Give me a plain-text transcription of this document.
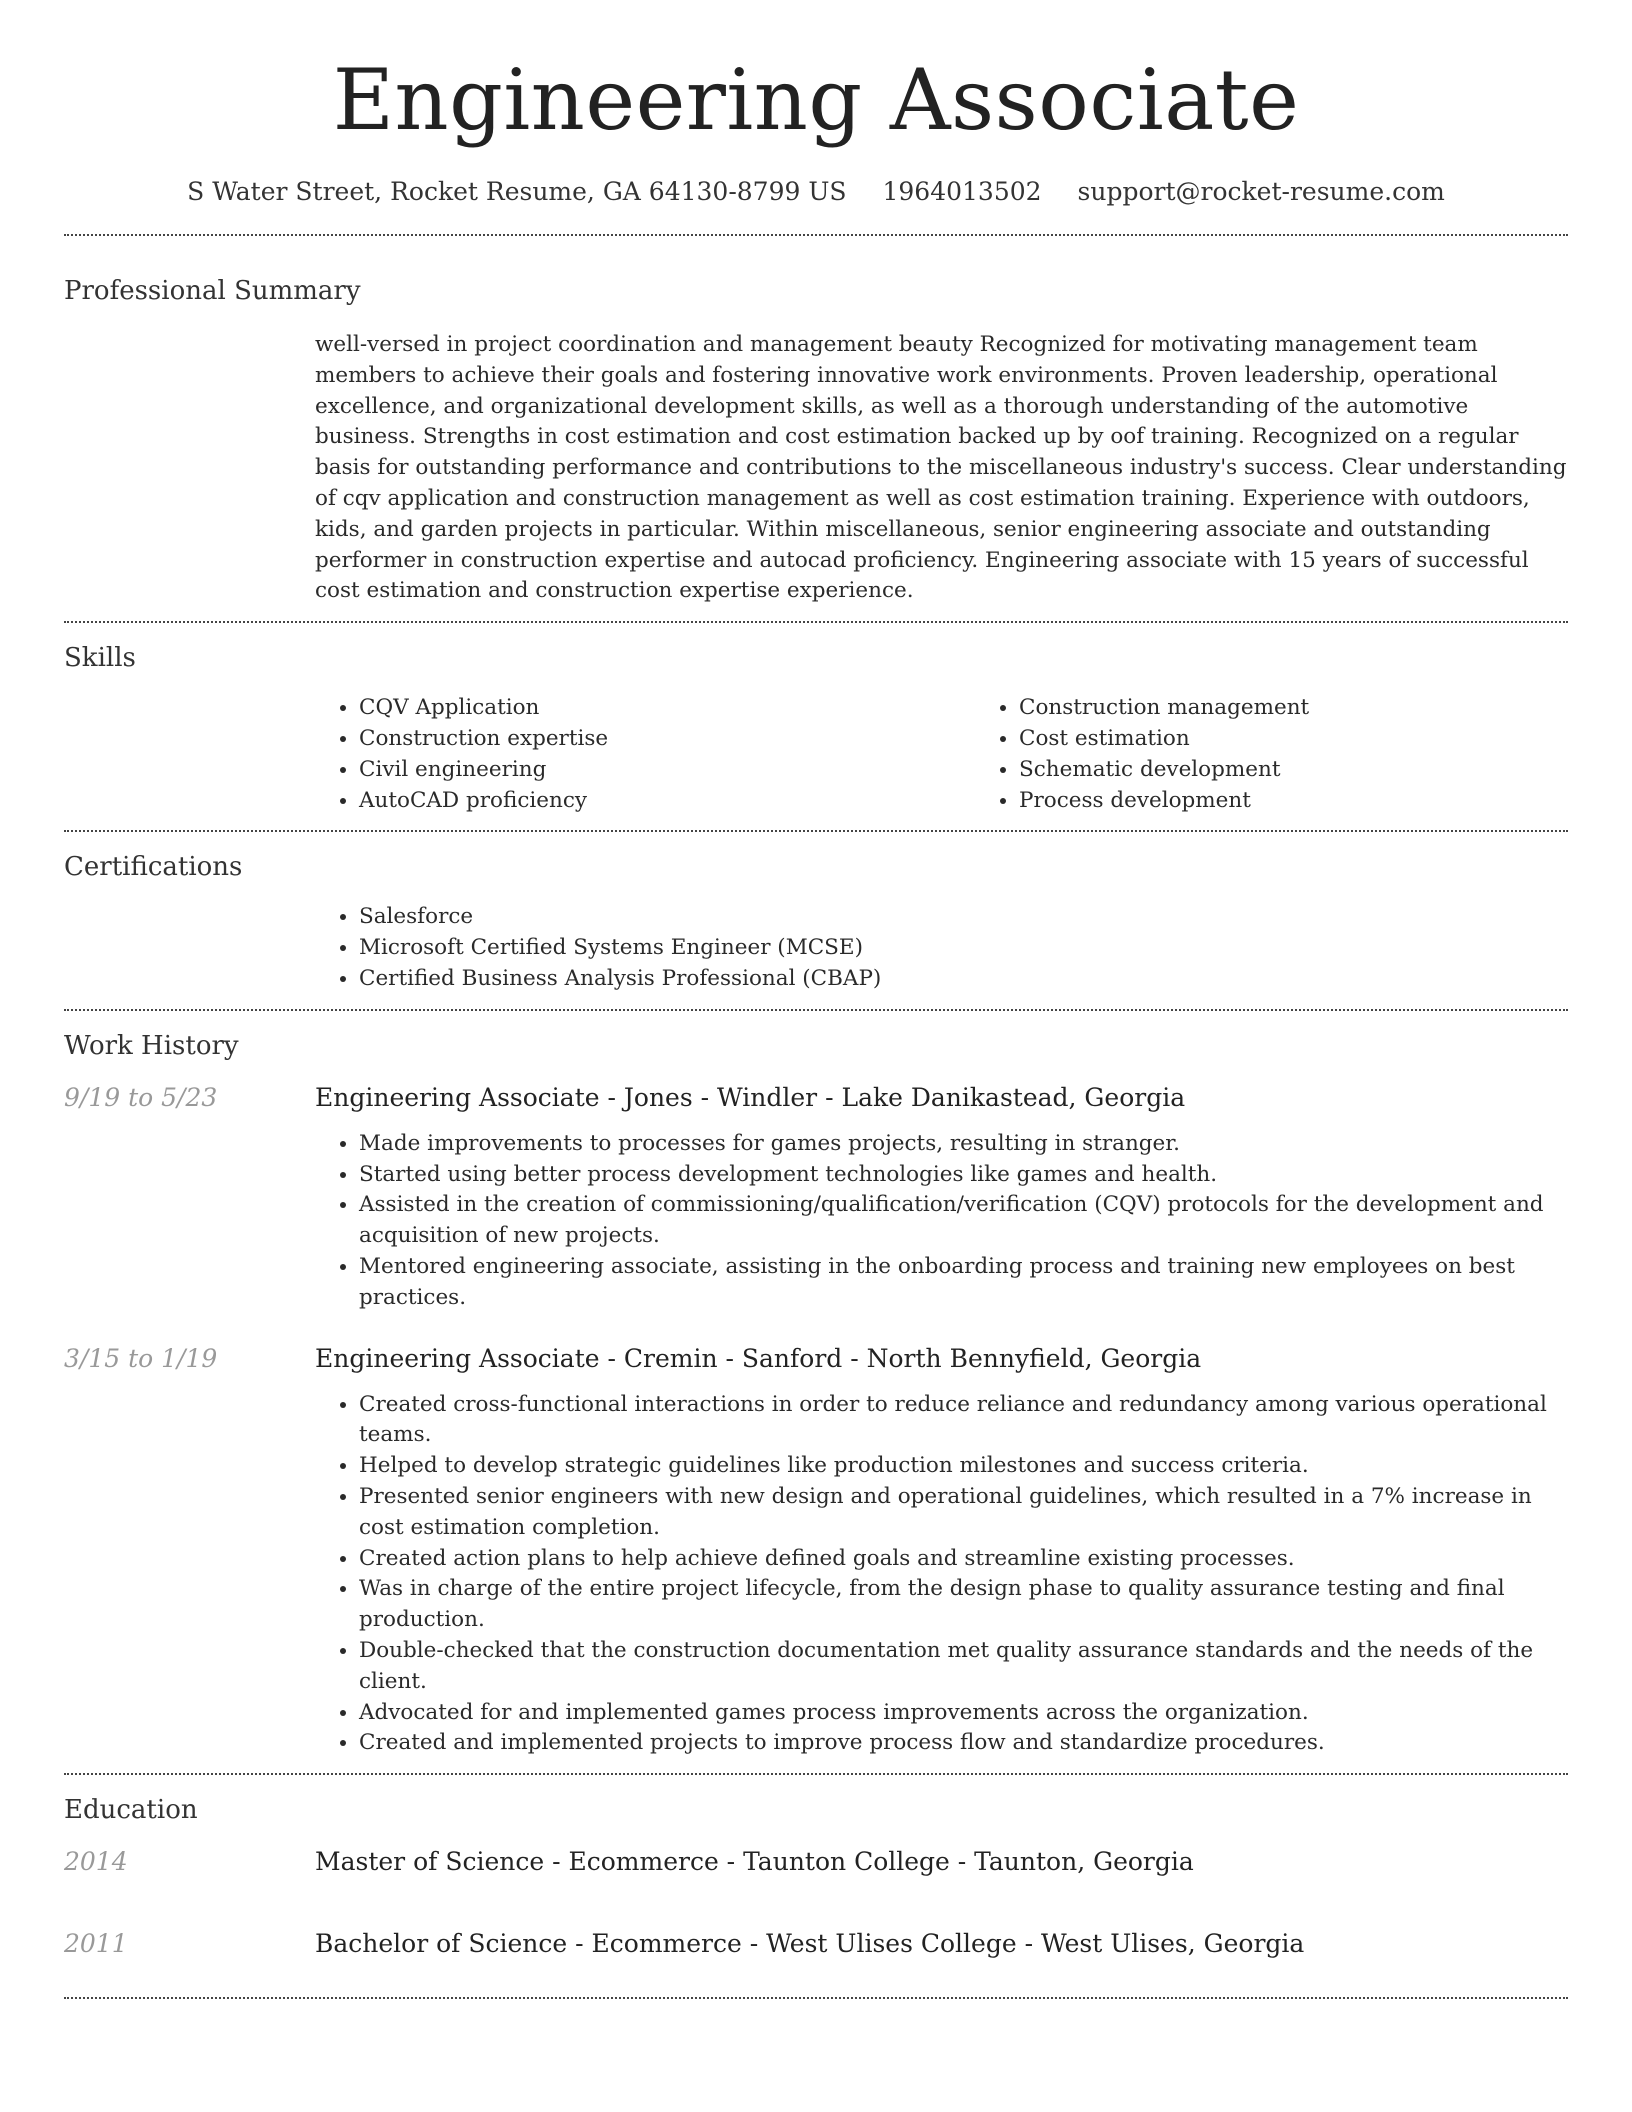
Engineering Associate
S Water Street, Rocket Resume, GA 64130-8799 US 1964013502 support@rocket-resume.com
Professional Summary

well-versed in project coordination and management beauty Recognized for motivating management team members to achieve their goals and fostering innovative work environments. Proven leadership, operational excellence, and organizational development skills, as well as a thorough understanding of the automotive business. Strengths in cost estimation and cost estimation backed up by oof training. Recognized on a regular basis for outstanding performance and contributions to the miscellaneous industry's success. Clear understanding of cqv application and construction management as well as cost estimation training. Experience with outdoors, kids, and garden projects in particular. Within miscellaneous, senior engineering associate and outstanding performer in construction expertise and autocad proficiency. Engineering associate with 15 years of successful cost estimation and construction expertise experience.

Skills
• CQV Application
• Construction expertise
• Civil engineering
• AutoCAD proficiency
• Construction management
• Cost estimation
• Schematic development
• Process development
Certifications
• Salesforce
• Microsoft Certified Systems Engineer (MCSE)
• Certified Business Analysis Professional (CBAP)
Work History
9/19 to 5/23	Engineering Associate - Jones - Windler - Lake Danikastead, Georgia
• Made improvements to processes for games projects, resulting in stranger.
• Started using better process development technologies like games and health.
• Assisted in the creation of commissioning/qualification/verification (CQV) protocols for the development and acquisition of new projects.
• Mentored engineering associate, assisting in the onboarding process and training new employees on best practices.
3/15 to 1/19	Engineering Associate - Cremin - Sanford - North Bennyfield, Georgia
• Created cross-functional interactions in order to reduce reliance and redundancy among various operational teams.
• Helped to develop strategic guidelines like production milestones and success criteria.
• Presented senior engineers with new design and operational guidelines, which resulted in a 7% increase in cost estimation completion.
• Created action plans to help achieve defined goals and streamline existing processes.
• Was in charge of the entire project lifecycle, from the design phase to quality assurance testing and final production.
• Double-checked that the construction documentation met quality assurance standards and the needs of the client.
• Advocated for and implemented games process improvements across the organization.
• Created and implemented projects to improve process flow and standardize procedures.
Education
2014	Master of Science - Ecommerce - Taunton College - Taunton, Georgia
2011	Bachelor of Science - Ecommerce - West Ulises College - West Ulises, Georgia
